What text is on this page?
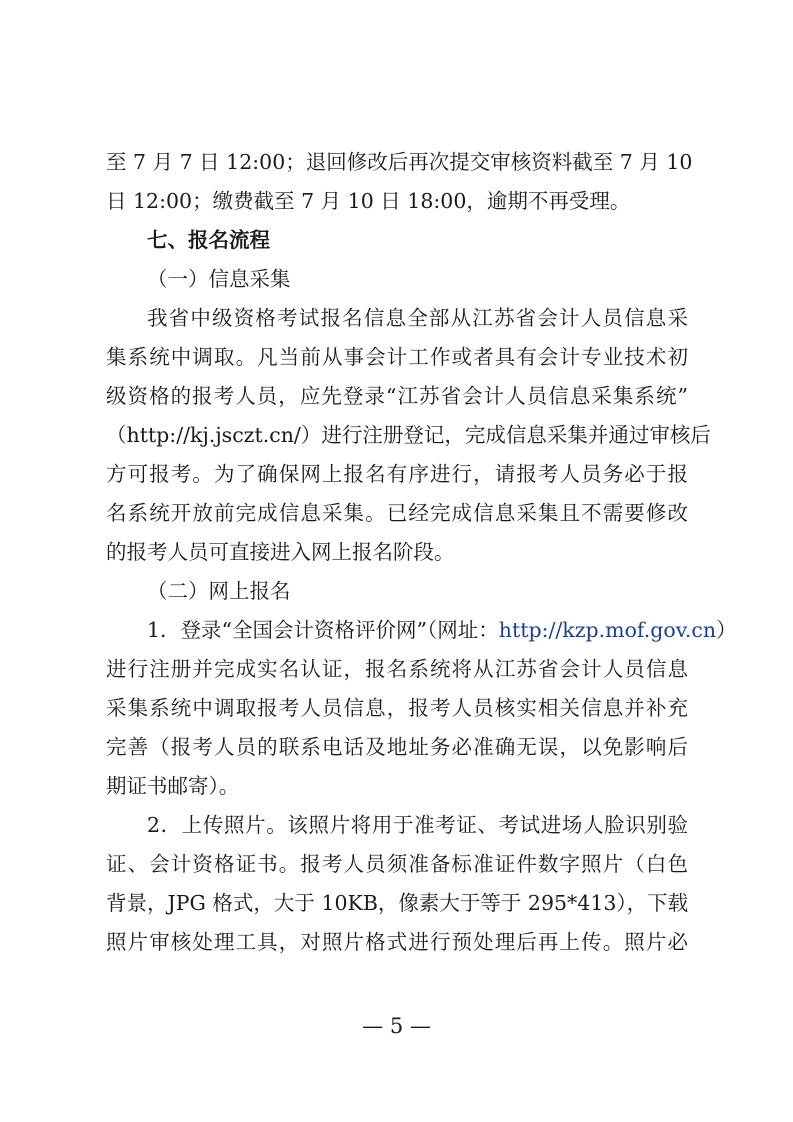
至 7 月 7 日 12:00；退回修改后再次提交审核资料截至 7 月 10
日 12:00；缴费截至 7 月 10 日 18:00，逾期不再受理。
七、报名流程
（一）信息采集
我省中级资格考试报名信息全部从江苏省会计人员信息采
集系统中调取。凡当前从事会计工作或者具有会计专业技术初
级资格的报考人员，应先登录“江苏省会计人员信息采集系统”
（http://kj.jsczt.cn/）进行注册登记，完成信息采集并通过审核后
方可报考。为了确保网上报名有序进行，请报考人员务必于报
名系统开放前完成信息采集。已经完成信息采集且不需要修改
的报考人员可直接进入网上报名阶段。
（二）网上报名
1．登录“全国会计资格评价网”（网址：http://kzp.mof.gov.cn）
进行注册并完成实名认证，报名系统将从江苏省会计人员信息
采集系统中调取报考人员信息，报考人员核实相关信息并补充
完善（报考人员的联系电话及地址务必准确无误，以免影响后
期证书邮寄）。
2．上传照片。该照片将用于准考证、考试进场人脸识别验
证、会计资格证书。报考人员须准备标准证件数字照片（白色
背景，JPG 格式，大于 10KB，像素大于等于 295*413），下载
照片审核处理工具，对照片格式进行预处理后再上传。照片必
— 5 —
